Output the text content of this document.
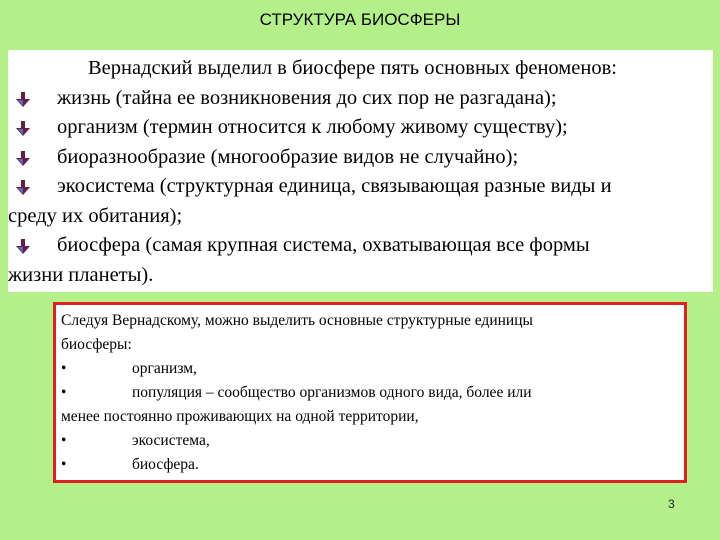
СТРУКТУРА БИОСФЕРЫ
Вернадский выделил в биосфере пять основных феноменов:
жизнь (тайна ее возникновения до сих пор не разгадана);
организм (термин относится к любому живому существу);
биоразнообразие (многообразие видов не случайно);
экосистема (структурная единица, связывающая разные виды и
среду их обитания);
биосфера (самая крупная система, охватывающая все формы
жизни планеты).
Следуя Вернадскому, можно выделить основные структурные единицы
биосферы:
•	организм,
•	популяция – сообщество организмов одного вида, более или
менее постоянно проживающих на одной территории,
•	экосистема,
•	биосфера.
3
